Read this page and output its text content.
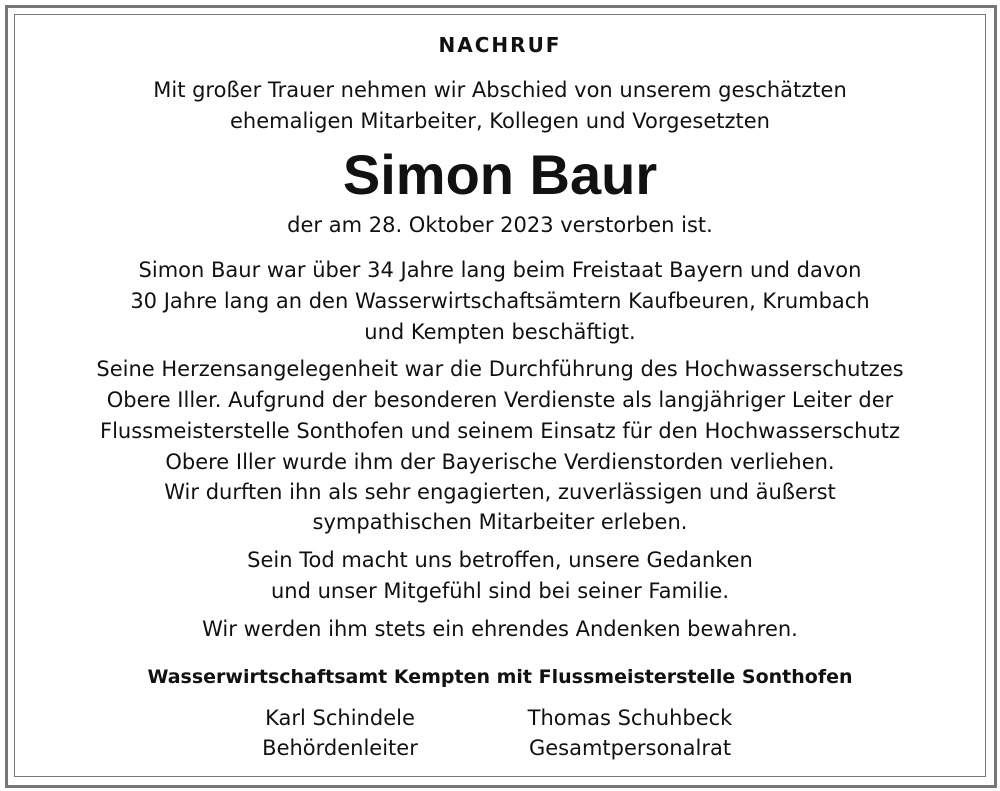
NACHRUF
Mit großer Trauer nehmen wir Abschied von unserem geschätzten
ehemaligen Mitarbeiter, Kollegen und Vorgesetzten
Simon Baur
der am 28. Oktober 2023 verstorben ist.
Simon Baur war über 34 Jahre lang beim Freistaat Bayern und davon
30 Jahre lang an den Wasserwirtschaftsämtern Kaufbeuren, Krumbach
und Kempten beschäftigt.
Seine Herzensangelegenheit war die Durchführung des Hochwasserschutzes
Obere Iller. Aufgrund der besonderen Verdienste als langjähriger Leiter der
Flussmeisterstelle Sonthofen und seinem Einsatz für den Hochwasserschutz
Obere Iller wurde ihm der Bayerische Verdienstorden verliehen.
Wir durften ihn als sehr engagierten, zuverlässigen und äußerst
sympathischen Mitarbeiter erleben.
Sein Tod macht uns betroffen, unsere Gedanken
und unser Mitgefühl sind bei seiner Familie.
Wir werden ihm stets ein ehrendes Andenken bewahren.
Wasserwirtschaftsamt Kempten mit Flussmeisterstelle Sonthofen
Karl Schindele
Behördenleiter
Thomas Schuhbeck
Gesamtpersonalrat
